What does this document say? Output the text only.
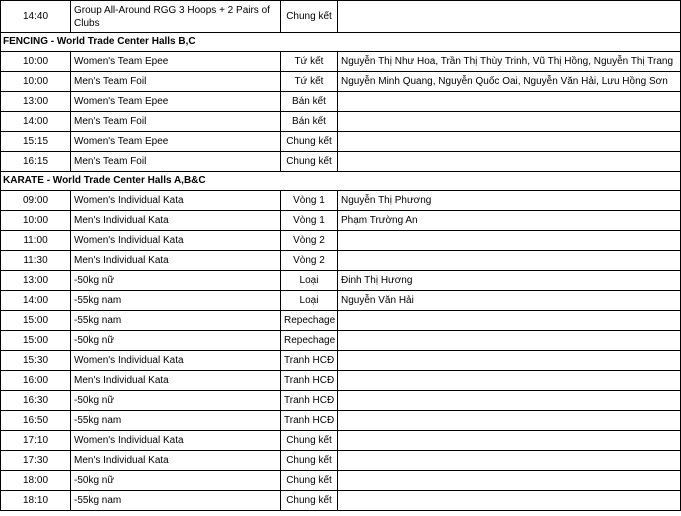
14:40	Group All-Around RGG 3 Hoops + 2 Pairs of Clubs	Chung kết	
FENCING - World Trade Center Halls B,C			
10:00	Women's Team Epee	Tứ kết	Nguyễn Thị Như Hoa, Trần Thị Thùy Trinh, Vũ Thị Hồng, Nguyễn Thị Trang
10:00	Men's Team Foil	Tứ kết	Nguyễn Minh Quang, Nguyễn Quốc Oai, Nguyễn Văn Hải, Lưu Hồng Sơn
13:00	Women's Team Epee	Bán kết	
14:00	Men's Team Foil	Bán kết	
15:15	Women's Team Epee	Chung kết	
16:15	Men's Team Foil	Chung kết	
KARATE - World Trade Center Halls A,B&C			
09:00	Women's Individual Kata	Vòng 1	Nguyễn Thị Phương
10:00	Men's Individual Kata	Vòng 1	Phạm Trường An
11:00	Women's Individual Kata	Vòng 2	
11:30	Men's Individual Kata	Vòng 2	
13:00	-50kg nữ	Loại	Đinh Thị Hương
14:00	-55kg nam	Loại	Nguyễn Văn Hải
15:00	-55kg nam	Repechage	
15:00	-50kg nữ	Repechage	
15:30	Women's Individual Kata	Tranh HCĐ	
16:00	Men's Individual Kata	Tranh HCĐ	
16:30	-50kg nữ	Tranh HCĐ	
16:50	-55kg nam	Tranh HCĐ	
17:10	Women's Individual Kata	Chung kết	
17:30	Men's Individual Kata	Chung kết	
18:00	-50kg nữ	Chung kết	
18:10	-55kg nam	Chung kết	
